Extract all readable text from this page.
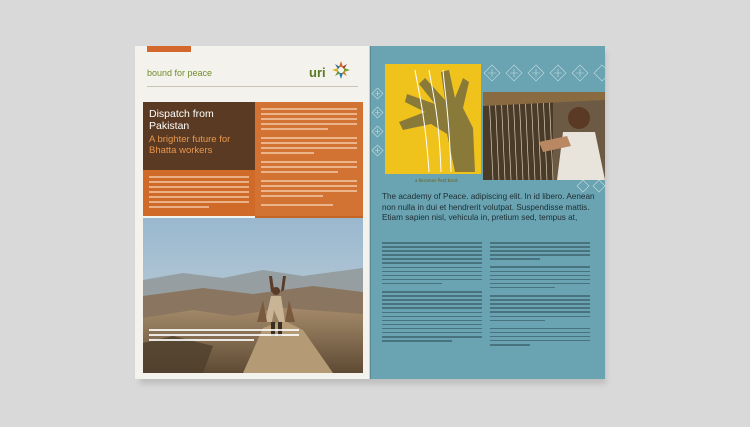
bound for peace	uri
Dispatch from Pakistan
A brighter future for Bhatta workers
a Keramon Pezt Karst
The academy of Peace. adipiscing elit. In id libero. Aenean non nulla in dui et hendrerit volutpat. Suspendisse mattis. Etiam sapien nisl, vehicula in, pretium sed, tempus at,
